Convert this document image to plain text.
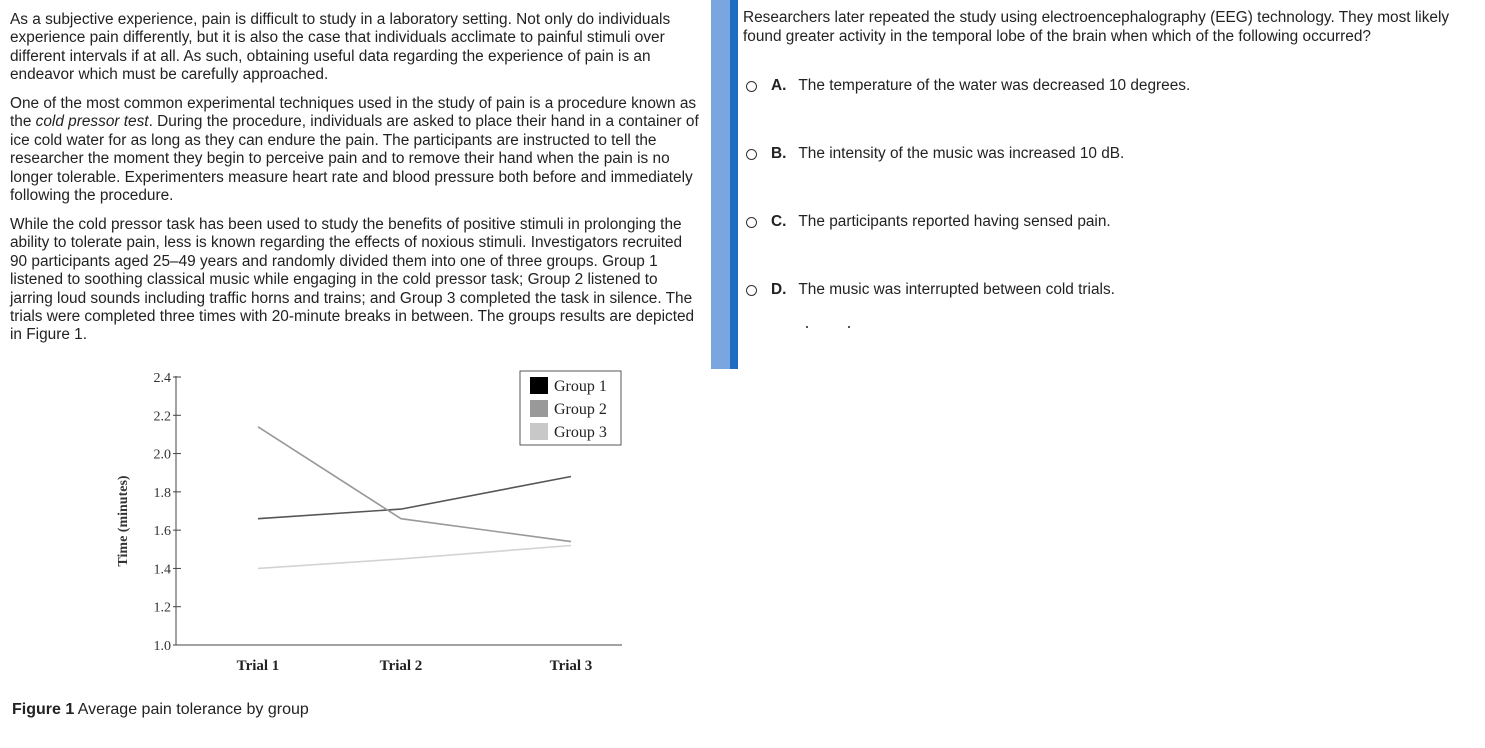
As a subjective experience, pain is difficult to study in a laboratory setting. Not only do individuals experience pain differently, but it is also the case that individuals acclimate to painful stimuli over different intervals if at all. As such, obtaining useful data regarding the experience of pain is an endeavor which must be carefully approached.

One of the most common experimental techniques used in the study of pain is a procedure known as the cold pressor test. During the procedure, individuals are asked to place their hand in a container of ice cold water for as long as they can endure the pain. The participants are instructed to tell the researcher the moment they begin to perceive pain and to remove their hand when the pain is no longer tolerable. Experimenters measure heart rate and blood pressure both before and immediately following the procedure.

While the cold pressor task has been used to study the benefits of positive stimuli in prolonging the ability to tolerate pain, less is known regarding the effects of noxious stimuli. Investigators recruited 90 participants aged 25–49 years and randomly divided them into one of three groups. Group 1 listened to soothing classical music while engaging in the cold pressor task; Group 2 listened to jarring loud sounds including traffic horns and trains; and Group 3 completed the task in silence. The trials were completed three times with 20-minute breaks in between. The groups results are depicted in Figure 1.

1.0
1.2
1.4
1.6
1.8
2.0
2.2
2.4
Time (minutes)
Trial 1	Trial 2	Trial 3
Group 1
Group 2
Group 3
Figure 1 Average pain tolerance by group

Researchers later repeated the study using electroencephalography (EEG) technology. They most likely found greater activity in the temporal lobe of the brain when which of the following occurred?

A. The temperature of the water was decreased 10 degrees.
B. The intensity of the music was increased 10 dB.
C. The participants reported having sensed pain.
D. The music was interrupted between cold trials.
